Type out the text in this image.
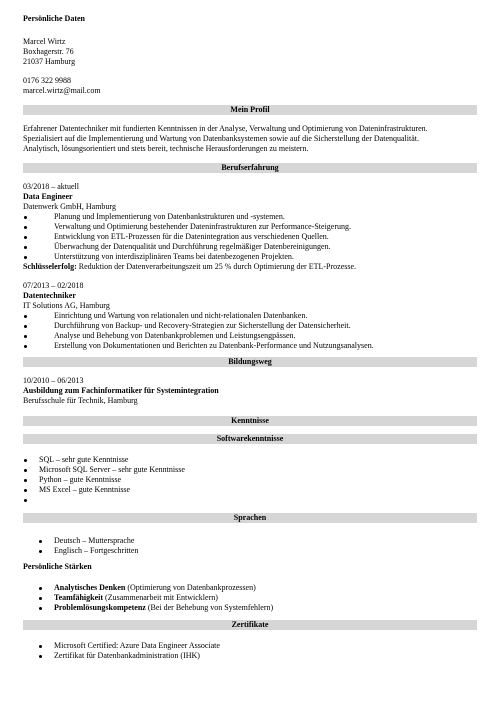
Persönliche Daten
Marcel Wirtz
Boxhagerstr. 76
21037 Hamburg
0176 322 9988
marcel.wirtz@mail.com
Mein Profil
Erfahrener Datentechniker mit fundierten Kenntnissen in der Analyse, Verwaltung und Optimierung von Dateninfrastrukturen.
Spezialisiert auf die Implementierung und Wartung von Datenbanksystemen sowie auf die Sicherstellung der Datenqualität.
Analytisch, lösungsorientiert und stets bereit, technische Herausforderungen zu meistern.
Berufserfahrung
03/2018 – aktuell
Data Engineer
Datenwerk GmbH, Hamburg
Planung und Implementierung von Datenbankstrukturen und -systemen.
Verwaltung und Optimierung bestehender Dateninfrastrukturen zur Performance-Steigerung.
Entwicklung von ETL-Prozessen für die Datenintegration aus verschiedenen Quellen.
Überwachung der Datenqualität und Durchführung regelmäßiger Datenbereinigungen.
Unterstützung von interdisziplinären Teams bei datenbezogenen Projekten.
Schlüsselerfolg: Reduktion der Datenverarbeitungszeit um 25 % durch Optimierung der ETL-Prozesse.
07/2013 – 02/2018
Datentechniker
IT Solutions AG, Hamburg
Einrichtung und Wartung von relationalen und nicht-relationalen Datenbanken.
Durchführung von Backup- und Recovery-Strategien zur Sicherstellung der Datensicherheit.
Analyse und Behebung von Datenbankproblemen und Leistungsengpässen.
Erstellung von Dokumentationen und Berichten zu Datenbank-Performance und Nutzungsanalysen.
Bildungsweg
10/2010 – 06/2013
Ausbildung zum Fachinformatiker für Systemintegration
Berufsschule für Technik, Hamburg
Kenntnisse
Softwarekenntnisse
SQL – sehr gute Kenntnisse
Microsoft SQL Server – sehr gute Kenntnisse
Python – gute Kenntnisse
MS Excel – gute Kenntnisse
Sprachen
Deutsch – Muttersprache
Englisch – Fortgeschritten
Persönliche Stärken
Analytisches Denken (Optimierung von Datenbankprozessen)
Teamfähigkeit (Zusammenarbeit mit Entwicklern)
Problemlösungskompetenz (Bei der Behebung von Systemfehlern)
Zertifikate
Microsoft Certified: Azure Data Engineer Associate
Zertifikat für Datenbankadministration (IHK)
